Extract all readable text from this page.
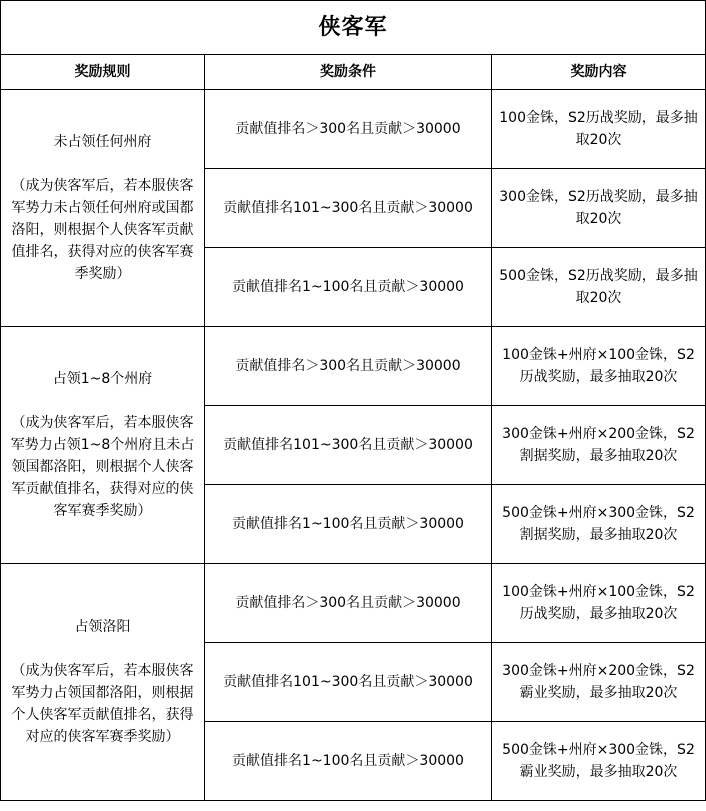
侠客军		
奖励规则	奖励条件	奖励内容

未占领任何州府
（成为侠客军后，若本服侠客军势力未占领任何州府或国都洛阳，则根据个人侠客军贡献值排名，获得对应的侠客军赛季奖励）	贡献值排名＞300名且贡献＞30000	100金铢，S2历战奖励，最多抽取20次
	贡献值排名101~300名且贡献＞30000	300金铢，S2历战奖励，最多抽取20次
	贡献值排名1~100名且贡献＞30000	500金铢，S2历战奖励，最多抽取20次

占领1~8个州府
（成为侠客军后，若本服侠客军势力占领1~8个州府且未占领国都洛阳，则根据个人侠客军贡献值排名，获得对应的侠客军赛季奖励）	贡献值排名＞300名且贡献＞30000	100金铢+州府×100金铢，S2历战奖励，最多抽取20次
	贡献值排名101~300名且贡献＞30000	300金铢+州府×200金铢，S2割据奖励，最多抽取20次
	贡献值排名1~100名且贡献＞30000	500金铢+州府×300金铢，S2割据奖励，最多抽取20次

占领洛阳
（成为侠客军后，若本服侠客军势力占领国都洛阳，则根据个人侠客军贡献值排名，获得对应的侠客军赛季奖励）	贡献值排名＞300名且贡献＞30000	100金铢+州府×100金铢，S2历战奖励，最多抽取20次
	贡献值排名101~300名且贡献＞30000	300金铢+州府×200金铢，S2霸业奖励，最多抽取20次
	贡献值排名1~100名且贡献＞30000	500金铢+州府×300金铢，S2霸业奖励，最多抽取20次
